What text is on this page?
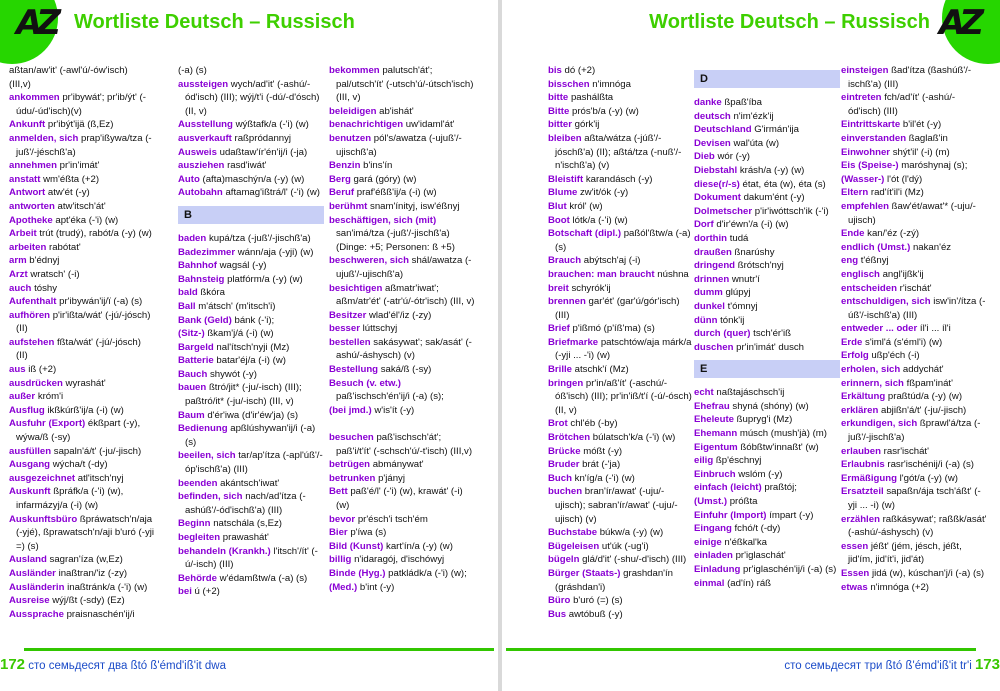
AZ Wortliste Deutsch – Russisch
aßtan/aw'it' (-awl'ú/-ów'isch)
(III,v)
ankommen pr'ibywát'; pr'ib/ýt' (-údu/-úd'isch)(v)
Ankunft pr'ibýt'ijä (ß,Ez)
anmelden, sich prap'ißywa/tza (-juß'/-jéschß'a)
annehmen pr'in'imát'
anstatt wm'éßta (+2)
Antwort atw'ét (-y)
antworten atw'itsch'át'
Apotheke apt'éka (-'i) (w)
Arbeit trút (trudý), rabót/a (-y) (w)
arbeiten rabótat'
arm b'édnyj
Arzt wratsch' (-i)
auch tóshy
Aufenthalt pr'ibywán'ij/ï (-a) (s)
aufhören p'ir'ißta/wát' (-jú/-jósch) (II)
aufstehen fßta/wát' (-jú/-jósch) (II)
aus iß (+2)
ausdrücken wyrashát'
außer króm'i
Ausflug ikßkúrß'ij/a (-i) (w)
Ausfuhr (Export) ékßpart (-y), wýwa/ß (-sy)
ausfüllen sapaln'á/t' (-ju/-jisch)
Ausgang wýcha/t (-dy)
ausgezeichnet atl'itsch'nyj
Auskunft ßpráfk/a (-'i) (w), infarmázyj/a (-i) (w)
Auskunftsbüro ßpráwatsch'n/aja (-yjé), ßprawatsch'n/aji b'uró (-yji =) (s)
Ausland sagran'íza (w,Ez)
Ausländer inaßtran/'iz (-zy)
Ausländerin inaßtránk/a (-'i) (w)
Ausreise wýj/ßt (-sdy) (Ez)
Aussprache praisnaschén'ij/i
(-a) (s)
aussteigen wych/ad'it' (-ashú/-ód'isch) (III); wýj/t'i (-dú/-d'ósch) (II, v)
Ausstellung wýßtafk/a (-'i) (w)
ausverkauft raßpródannyj
Ausweis udaßtaw'ír'én'ij/i (-ja)
ausziehen rasd'iwát'
Auto (afta)maschýn/a (-y) (w)
Autobahn aftamag'ißtrá/l' (-'i) (w)
B
baden kupá/tza (-juß'/-jischß'a)
Badezimmer wánn/aja (-yji) (w)
Bahnhof wagsál (-y)
Bahnsteig platfórm/a (-y) (w)
bald ßkóra
Ball m'átsch' (m'itsch'i)
Bank (Geld) bánk (-'i);
(Sitz-) ßkam'j/á (-i) (w)
Bargeld nal'ítsch'nyji (Mz)
Batterie batar'éj/a (-i) (w)
Bauch shywót (-y)
bauen ßtró/jit* (-ju/-isch) (III); paßtró/it* (-ju/-isch) (III, v)
Baum d'ér'iwa (d'ir'éw'ja) (s)
Bedienung apßlúshywan'ij/i (-a) (s)
beeilen, sich tar/ap'ítza (-apl'úß'/-óp'ischß'a) (III)
beenden akántsch'iwat'
befinden, sich nach/ad'ítza (-ashúß'/-ód'ischß'a) (III)
Beginn natschála (s,Ez)
begleiten prawashát'
behandeln (Krankh.) l'itsch'/ít' (-ú/-isch) (III)
Behörde w'édamßtw/a (-a) (s)
bei ú (+2)
bekommen palutsch'át'; pal/utsch'ít' (-utsch'ú/-útsch'isch) (III, v)
beleidigen ab'ishát'
benachrichtigen uw'idaml'át'
benutzen pól's/awatza (-ujuß'/-ujischß'a)
Benzin b'ins'ín
Berg gará (góry) (w)
Beruf praf'éßß'ij/a (-i) (w)
berühmt snam'ínityj, isw'éßnyj
beschäftigen, sich (mit) san'imá/tza (-juß'/-jischß'a) (Dinge: +5; Personen: ß +5)
beschweren, sich shál/awatza (-ujuß'/-ujischß'a)
besichtigen aßmatr'iwat'; aßm/atr'ét' (-atr'ú/-ótr'isch) (III, v)
Besitzer wlad'él'/iz (-zy)
besser lúttschyj
bestellen sakásywat'; sak/asát' (-ashú/-áshysch) (v)
Bestellung saká/ß (-sy)
Besuch (v. etw.) paß'ischsch'én'ij/i (-a) (s);
(bei jmd.) w'is'ít (-y)
besuchen paß'ischsch'át'; paß'i/t'ít' (-schsch'ú/-t'isch) (III,v)
betrügen abmánywat'
betrunken p'jányj
Bett paß'é/l' (-'i) (w), krawát' (-i) (w)
bevor pr'ésch'i tsch'ém
Bier p'íwa (s)
Bild (Kunst) kart'ín/a (-y) (w)
billig n'idaragój, d'ischówyj
Binde (Hyg.) patkládk/a (-'i) (w);
(Med.) b'int (-y)
172 сто семьдесят два ßtó ß'émd'iß'it dwa
AZ
Wortliste Deutsch – Russisch
bis dó (+2)
bisschen n'imnóga
bitte pashálßta
Bitte prós'b/a (-y) (w)
bitter górk'ij
bleiben aßta/wátza (-júß'/-jóschß'a) (II); aßtá/tza (-nuß'/-n'ischß'a) (v)
Bleistift karandásch (-y)
Blume zw'it/ók (-y)
Blut król' (w)
Boot lótk/a (-'i) (w)
Botschaft (dipl.) paßól'ßtw/a (-a) (s)
Brauch abýtsch'aj (-i)
brauchen: man braucht núshna
breit schyrók'ij
brennen gar'ét' (gar'ú/gór'isch) (III)
Brief p'ißmó (p'íß'ma) (s)
Briefmarke patschtów/aja márk/a (-yji ... -'i) (w)
Brille atschk'í (Mz)
bringen pr'in/aß'ít' (-aschú/-óß'isch) (III); pr'in'iß/t'í (-ú/-ósch) (II, v)
Brot chl'éb (-by)
Brötchen búlatsch'k/a (-'i) (w)
Brücke móßt (-y)
Bruder brát (-'ja)
Buch kn'íg/a (-'i) (w)
buchen bran'ír/awat' (-uju/-ujisch); sabran'ír/awat' (-uju/-ujisch) (v)
Buchstabe búkw/a (-y) (w)
Bügeleisen ut'úk (-ug'i)
bügeln glá/d'it' (-shu/-d'isch) (III)
Bürger (Staats-) grashdan'ín (gráshdan'i)
Büro b'uró (=) (s)
Bus awtóbuß (-y)
D
danke ßpaß'íba
deutsch n'im'ézk'ij
Deutschland G'irmán'ija
Devisen wal'úta (w)
Dieb wór (-y)
Diebstahl krásh/a (-y) (w)
diese(r/-s) état, éta (w), éta (s)
Dokument dakum'ént (-y)
Dolmetscher p'ir'iwóttsch'ik (-'i)
Dorf d'ir'éwn'/a (-i) (w)
dorthin tudá
draußen ßnarúshy
dringend ßrótsch'nyj
drinnen wnutr'í
dumm glúpyj
dunkel t'ómnyj
dünn tónk'ij
durch (quer) tsch'ér'iß
duschen pr'in'imát' dusch
E
echt naßtajáschsch'ij
Ehefrau shyná (shóny) (w)
Eheleute ßupryg'i (Mz)
Ehemann músch (mush'jà) (m)
Eigentum ßóbßtw'innaßt' (w)
eilig ßp'éschnyj
Einbruch wslóm (-y)
einfach (leicht) praßtój;
(Umst.) próßta
Einfuhr (Import) ímpart (-y)
Eingang fchó/t (-dy)
einige n'éßkal'ka
einladen pr'iglaschát'
Einladung pr'iglaschén'ij/i (-a) (s)
einmal (ad'ín) ráß
einsteigen ßad'ítza (ßashúß'/-ischß'a) (III)
eintreten fch/ad'ít' (-ashú/-ód'isch) (III)
Eintrittskarte b'il'ét (-y)
einverstanden ßaglaß'in
Einwohner shýt'il' (-i) (m)
Eis (Speise-) maróshynaj (s);
(Wasser-) l'ót (l'dý)
Eltern rad'ít'il'i (Mz)
empfehlen ßaw'ét/awat'* (-uju/-ujisch)
Ende kan/'éz (-zý)
endlich (Umst.) nakan'éz
eng t'éßnyj
englisch angl'ijßk'ij
entscheiden r'ischát'
entschuldigen, sich isw'in'/ítza (-úß'/-ischß'a) (III)
entweder ... oder íl'i ... íl'i
Erde s'iml'á (s'éml'i) (w)
Erfolg ußp'éch (-i)
erholen, sich addychát'
erinnern, sich fßpam'inát'
Erkältung praßtúd/a (-y) (w)
erklären abjißn'á/t' (-ju/-jisch)
erkundigen, sich ßprawl'á/tza (-juß'/-jischß'a)
erlauben rasr'ischát'
Erlaubnis rasr'ischénij/i (-a) (s)
Ermäßigung l'gót/a (-y) (w)
Ersatzteil sapaßn/ája tsch'áßt' (-yji ... -i) (w)
erzählen raßkásywat'; raßßk/asát' (-ashú/-áshysch) (v)
essen jéßt' (jém, jésch, jéßt, jid'ím, jid'ít'i, jid'át)
Essen jidá (w), kúschan'j/i (-a) (s)
etwas n'imnóga (+2)
сто семьдесят три ßtó ß'émd'iß'it tr'i 173
